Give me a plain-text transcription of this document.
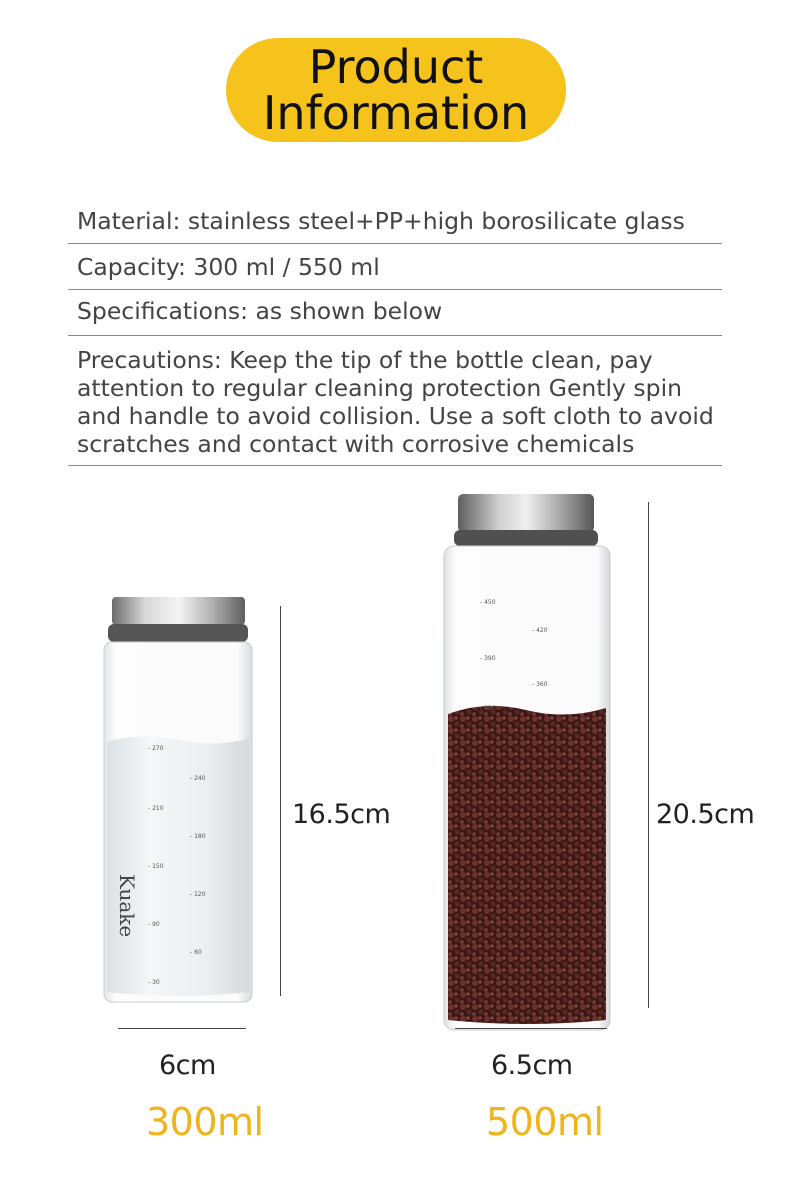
Product
Information
Material: stainless steel+PP+high borosilicate glass
Capacity: 300 ml / 550 ml
Specifications: as shown below
Precautions: Keep the tip of the bottle clean, pay
attention to regular cleaning protection Gently spin
and handle to avoid collision. Use a soft cloth to avoid
scratches and contact with corrosive chemicals
- 270
- 210
- 150
- 90
- 30
- 240
- 180
- 120
- 60
Kuake
16.5cm
6cm
300ml
- 450
- 390
- 330
- 420
- 360
20.5cm
6.5cm
500ml
